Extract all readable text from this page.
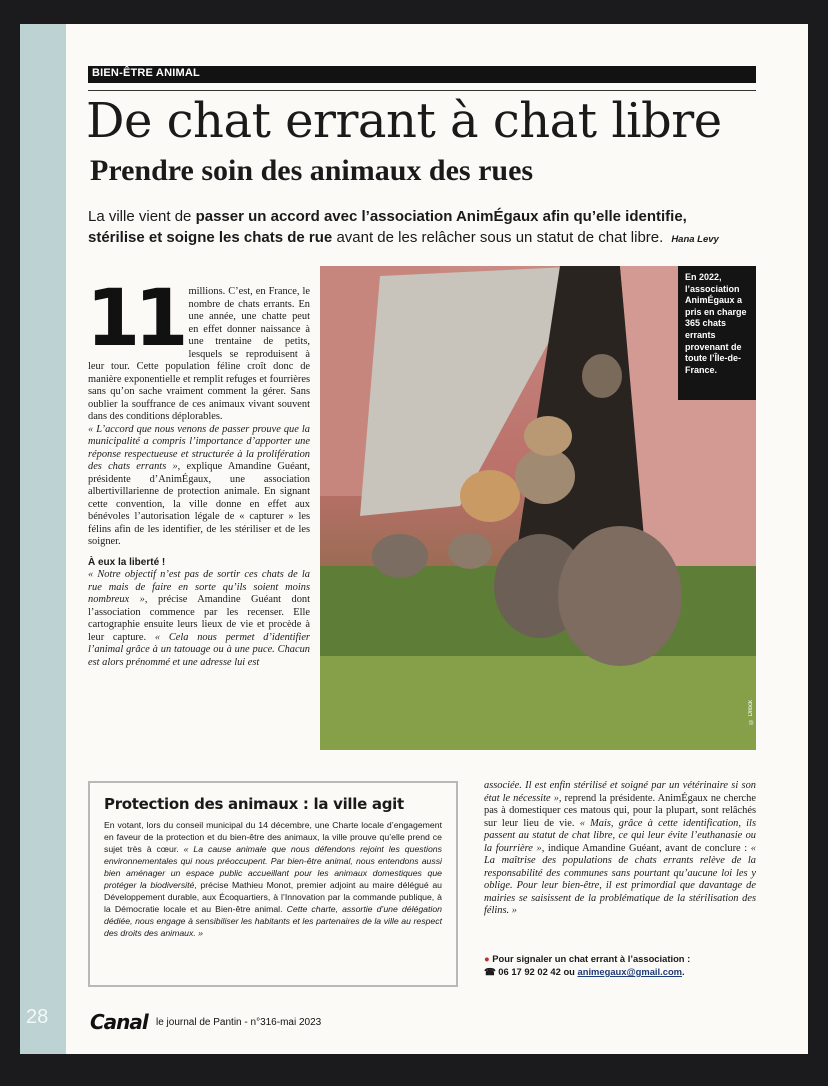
28
BIEN-ÊTRE ANIMAL
De chat errant à chat libre
Prendre soin des animaux des rues
La ville vient de passer un accord avec l’association AnimÉgaux afin qu’elle identifie, stérilise et soigne les chats de rue avant de les relâcher sous un statut de chat libre. Hana Levy
11 millions. C’est, en France, le nombre de chats errants. En une année, une chatte peut en effet donner naissance à une trentaine de petits, lesquels se reproduisent à leur tour. Cette population féline croît donc de manière exponentielle et remplit refuges et fourrières sans qu’on sache vraiment comment la gérer. Sans oublier la souffrance de ces animaux vivant souvent dans des conditions déplorables.

« L’accord que nous venons de passer prouve que la municipalité a compris l’importance d’apporter une réponse respectueuse et structurée à la prolifération des chats errants », explique Amandine Guéant, présidente d’AnimÉgaux, une association albertivillarienne de protection animale. En signant cette convention, la ville donne en effet aux bénévoles l’autorisation légale de « capturer » les félins afin de les identifier, de les stériliser et de les soigner.

À eux la liberté !

« Notre objectif n’est pas de sortir ces chats de la rue mais de faire en sorte qu’ils soient moins nombreux », précise Amandine Guéant dont l’association commence par les recenser. Elle cartographie ensuite leurs lieux de vie et procède à leur capture. « Cela nous permet d’identifier l’animal grâce à un tatouage ou à une puce. Chacun est alors prénommé et une adresse lui est

En 2022, l’association AnimÉgaux a pris en charge 365 chats errants provenant de toute l’Île-de-France.
© Dilock

Protection des animaux : la ville agit

En votant, lors du conseil municipal du 14 décembre, une Charte locale d’engagement en faveur de la protection et du bien-être des animaux, la ville prouve qu’elle prend ce sujet très à cœur. « La cause animale que nous défendons rejoint les questions environnementales qui nous préoccupent. Par bien-être animal, nous entendons aussi bien aménager un espace public accueillant pour les animaux domestiques que protéger la biodiversité, précise Mathieu Monot, premier adjoint au maire délégué au Développement durable, aux Écoquartiers, à l’Innovation par la commande publique, à la Démocratie locale et au Bien-être animal. Cette charte, assortie d’une délégation dédiée, nous engage à sensibiliser les habitants et les partenaires de la ville au respect des droits des animaux. »

associée. Il est enfin stérilisé et soigné par un vétérinaire si son état le nécessite », reprend la présidente. AnimÉgaux ne cherche pas à domestiquer ces matous qui, pour la plupart, sont relâchés sur leur lieu de vie. « Mais, grâce à cette identification, ils passent au statut de chat libre, ce qui leur évite l’euthanasie ou la fourrière », indique Amandine Guéant, avant de conclure : « La maîtrise des populations de chats errants relève de la responsabilité des communes sans pourtant qu’aucune loi les y oblige. Pour leur bien-être, il est primordial que davantage de mairies se saisissent de la problématique de la stérilisation des félins. »

● Pour signaler un chat errant à l’association :
☎ 06 17 92 02 42 ou animegaux@gmail.com.
Canal le journal de Pantin - n°316-mai 2023
